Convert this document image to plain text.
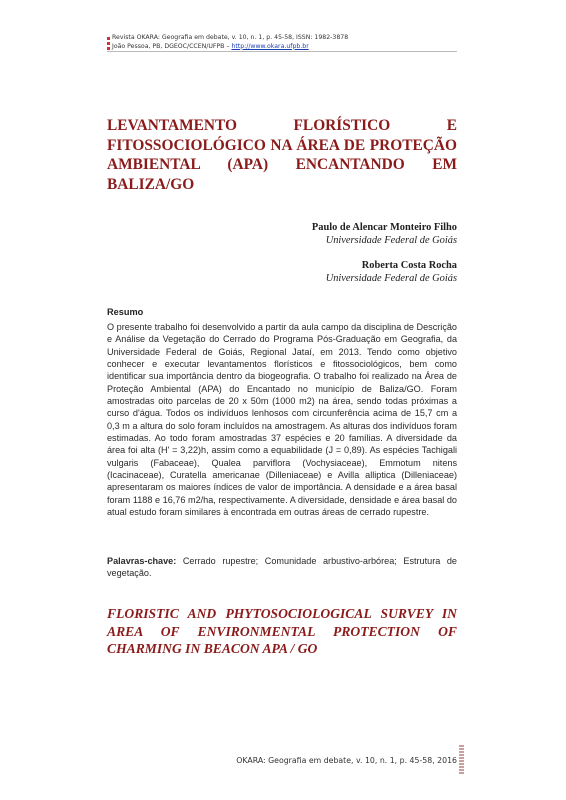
Revista OKARA: Geografia em debate, v. 10, n. 1, p. 45-58, ISSN: 1982-3878
João Pessoa, PB, DGEOC/CCEN/UFPB – http://www.okara.ufpb.br
LEVANTAMENTO FLORÍSTICO E
FITOSSOCIOLÓGICO NA ÁREA DE PROTEÇÃO
AMBIENTAL (APA) ENCANTANDO EM
BALIZA/GO
Paulo de Alencar Monteiro Filho
Universidade Federal de Goiás
Roberta Costa Rocha
Universidade Federal de Goiás
Resumo
O presente trabalho foi desenvolvido a partir da aula campo da disciplina de Descrição e Análise da Vegetação do Cerrado do Programa Pós-Graduação em Geografia, da Universidade Federal de Goiás, Regional Jataí, em 2013. Tendo como objetivo conhecer e executar levantamentos florísticos e fitossociológicos, bem como identificar sua importância dentro da biogeografia. O trabalho foi realizado na Área de Proteção Ambiental (APA) do Encantado no município de Baliza/GO. Foram amostradas oito parcelas de 20 x 50m (1000 m2) na área, sendo todas próximas a curso d'água. Todos os indivíduos lenhosos com circunferência acima de 15,7 cm a 0,3 m a altura do solo foram incluídos na amostragem. As alturas dos indivíduos foram estimadas. Ao todo foram amostradas 37 espécies e 20 famílias. A diversidade da área foi alta (H' = 3,22)h, assim como a equabilidade (J = 0,89). As espécies Tachigali vulgaris (Fabaceae), Qualea parviflora (Vochysiaceae), Emmotum nitens (Icacinaceae), Curatella americanae (Dilleniaceae) e Avilla alliptica (Dilleniaceae) apresentaram os maiores índices de valor de importância. A densidade e a área basal foram 1188 e 16,76 m2/ha, respectivamente. A diversidade, densidade e área basal do atual estudo foram similares à encontrada em outras áreas de cerrado rupestre.
Palavras-chave: Cerrado rupestre; Comunidade arbustivo-arbórea; Estrutura de vegetação.
FLORISTIC AND PHYTOSOCIOLOGICAL SURVEY IN
AREA OF ENVIRONMENTAL PROTECTION OF
CHARMING IN BEACON APA / GO
OKARA: Geografia em debate, v. 10, n. 1, p. 45-58, 2016
